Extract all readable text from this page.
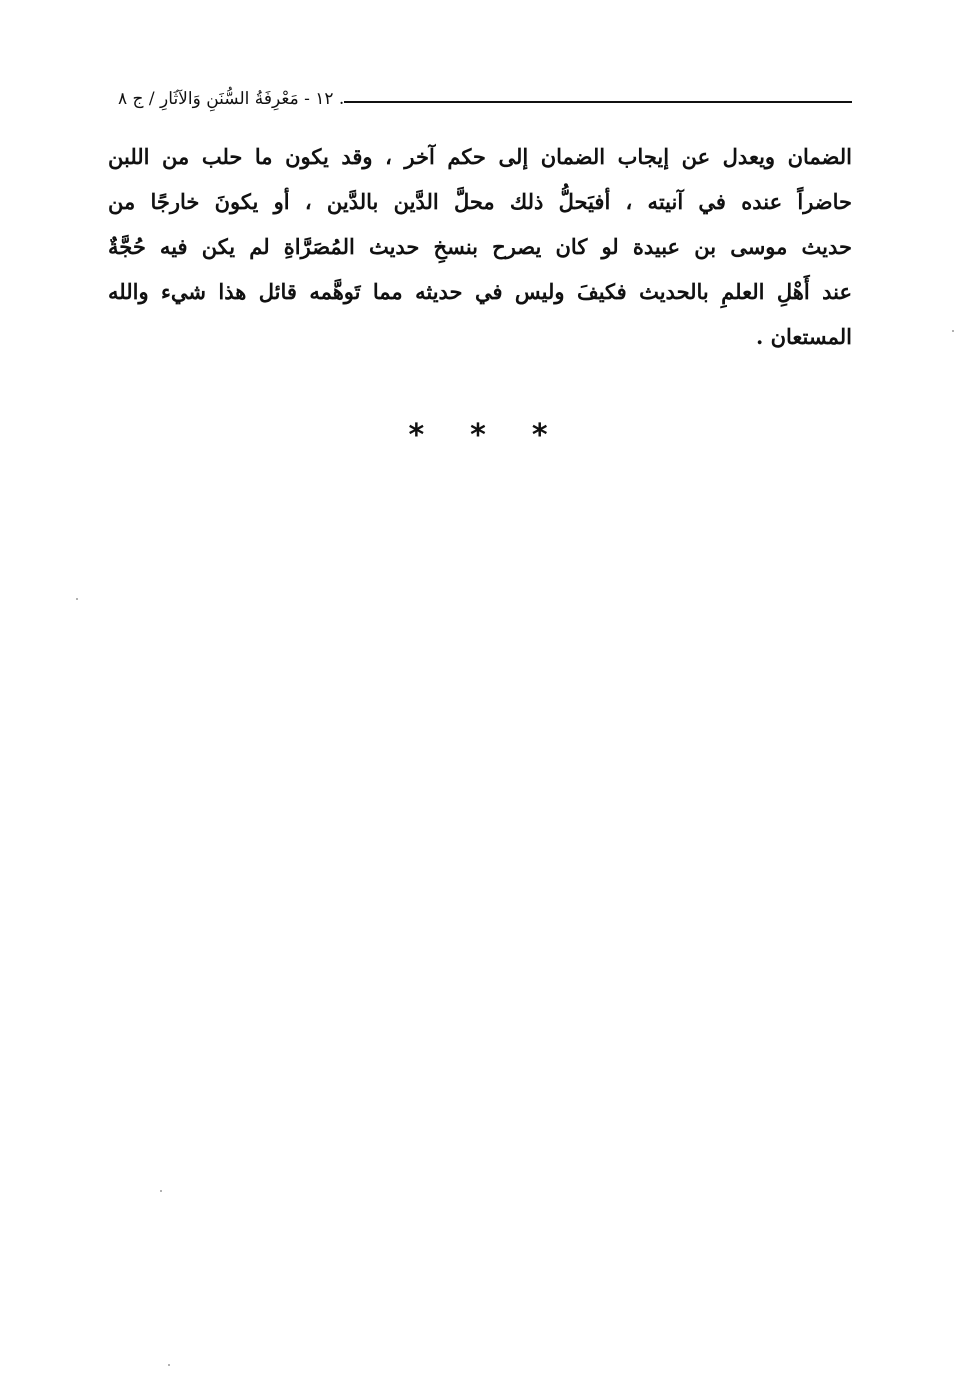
. ١٢ - مَعْرِفَةُ السُّنَنِ وَالآثَارِ / ج ٨
الضمان ويعدل عن إيجاب الضمان إلى حكم آخر ، وقد يكون ما حلب من اللبن
حاضراً عنده في آنيته ، أفيَحلُّ ذلك محلَّ الدَّين بالدَّين ، أو يكونَ خارجًا من
حديث موسى بن عبيدة لو كان يصرح بنسخِ حديث المُصَرَّاةِ لم يكن فيه حُجَّةٌ
عند أَهْلِ العلمِ بالحديث فكيفَ وليس في حديثه مما تَوهَّمه قائل هذا شيء والله
المستعان .
* * *
